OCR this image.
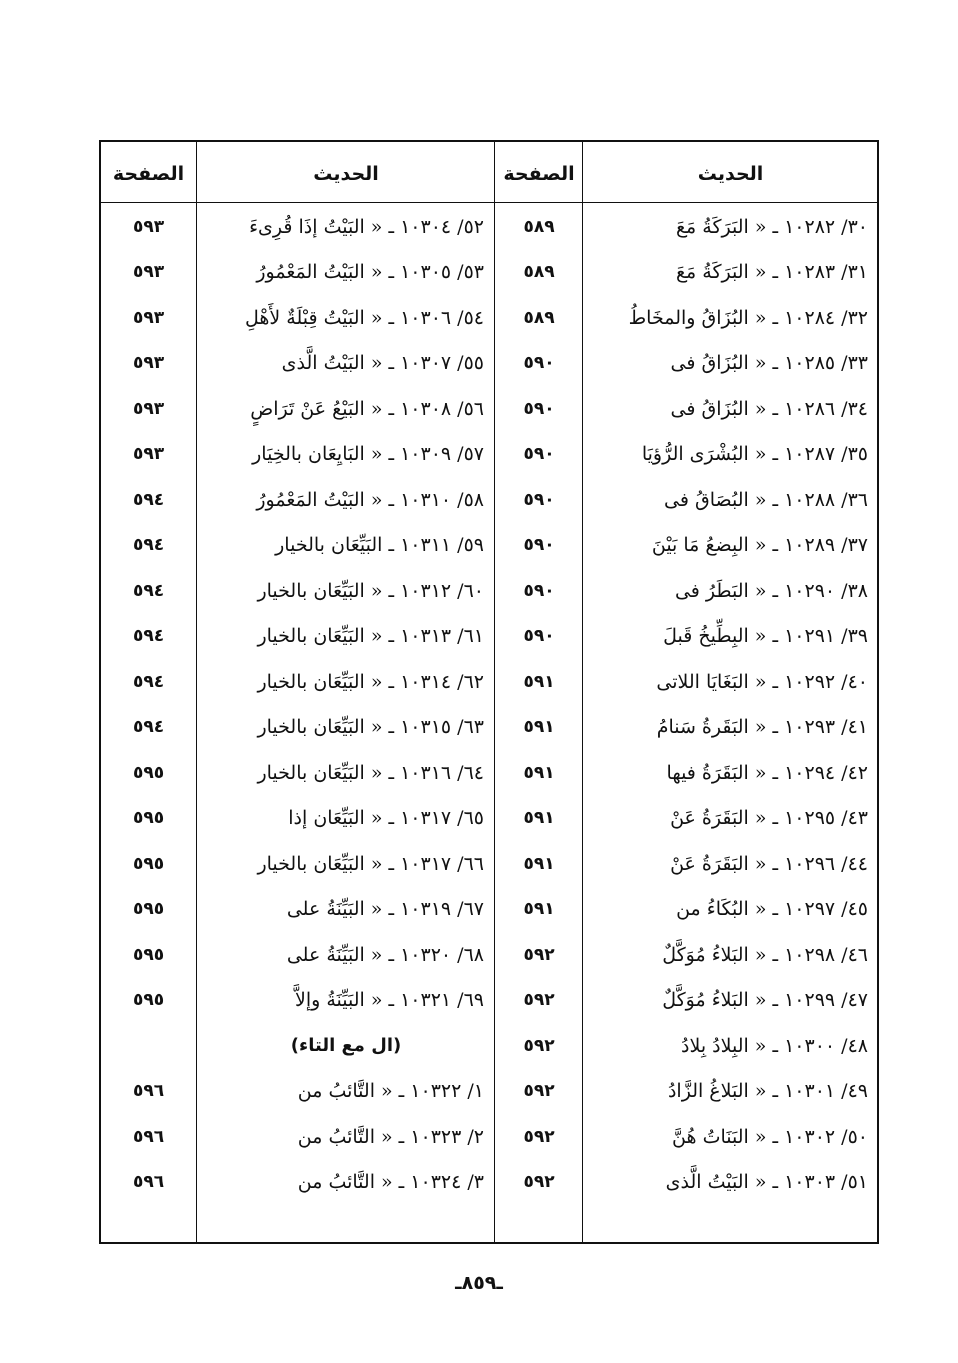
الحديث
الصفحة
الحديث
الصفحة
٣٠/ ١٠٢٨٢ ـ « البَرَكَةُ مَعَ
٥٨٩
٥٢/ ١٠٣٠٤ ـ « البَيْتُ إذَا قُرِىءَ
٥٩٣
٣١/ ١٠٢٨٣ ـ « البَرَكَةُ مَعَ
٥٨٩
٥٣/ ١٠٣٠٥ ـ « البَيْتُ المَعْمُورُ
٥٩٣
٣٢/ ١٠٢٨٤ ـ « البُزَاقُ والمخَاطُ
٥٨٩
٥٤/ ١٠٣٠٦ ـ « البَيْتُ قِبْلَةٌ لأَهْلِ
٥٩٣
٣٣/ ١٠٢٨٥ ـ « البُزَاقُ فى
٥٩٠
٥٥/ ١٠٣٠٧ ـ « البَيْتُ الَّذى
٥٩٣
٣٤/ ١٠٢٨٦ ـ « البُزَاقُ فى
٥٩٠
٥٦/ ١٠٣٠٨ ـ « البَيْعُ عَنْ تَرَاضٍ
٥٩٣
٣٥/ ١٠٢٨٧ ـ « البُشْرَى الرُّؤيَا
٥٩٠
٥٧/ ١٠٣٠٩ ـ « البَايِعَان بالخِيَار
٥٩٣
٣٦/ ١٠٢٨٨ ـ « البُصَاقُ فى
٥٩٠
٥٨/ ١٠٣١٠ ـ « البَيْتُ المَعْمُورُ
٥٩٤
٣٧/ ١٠٢٨٩ ـ « البِضعُ مَا بَيْنَ
٥٩٠
٥٩/ ١٠٣١١ ـ البَيِّعَان بالخيار
٥٩٤
٣٨/ ١٠٢٩٠ ـ « البَطَرُ فى
٥٩٠
٦٠/ ١٠٣١٢ ـ « البَيِّعَان بالخيار
٥٩٤
٣٩/ ١٠٢٩١ ـ « البِطِّيخُ قَبلَ
٥٩٠
٦١/ ١٠٣١٣ ـ « البَيِّعَان بالخيار
٥٩٤
٤٠/ ١٠٢٩٢ ـ « البَغَايَا اللاتى
٥٩١
٦٢/ ١٠٣١٤ ـ « البَيِّعَان بالخيار
٥٩٤
٤١/ ١٠٢٩٣ ـ « البَقَرةُ سَنامُ
٥٩١
٦٣/ ١٠٣١٥ ـ « البَيِّعَان بالخيار
٥٩٤
٤٢/ ١٠٢٩٤ ـ « البَقَرَةُ فيها
٥٩١
٦٤/ ١٠٣١٦ ـ « البَيِّعَان بالخيار
٥٩٥
٤٣/ ١٠٢٩٥ ـ « البَقَرَةُ عَنْ
٥٩١
٦٥/ ١٠٣١٧ ـ « البَيِّعَان إذا
٥٩٥
٤٤/ ١٠٢٩٦ ـ « البَقَرَةُ عَنْ
٥٩١
٦٦/ ١٠٣١٧ ـ « البَيِّعَان بالخيار
٥٩٥
٤٥/ ١٠٢٩٧ ـ « البُكَاءُ من
٥٩١
٦٧/ ١٠٣١٩ ـ « البَيِّنَةُ على
٥٩٥
٤٦/ ١٠٢٩٨ ـ « البَلاءُ مُوَكَّلٌ
٥٩٢
٦٨/ ١٠٣٢٠ ـ « البَيِّنَةُ على
٥٩٥
٤٧/ ١٠٢٩٩ ـ « البَلاءُ مُوَكَّلٌ
٥٩٢
٦٩/ ١٠٣٢١ ـ « البَيِّنَةُ وإلاَّ
٥٩٥
٤٨/ ١٠٣٠٠ ـ « البِلادُ بِلادُ
٥٩٢
(ال مع التاء)
٤٩/ ١٠٣٠١ ـ « البَلاغُ الزَّادُ
٥٩٢
١/ ١٠٣٢٢ ـ « التَّائبُ من
٥٩٦
٥٠/ ١٠٣٠٢ ـ « البَنَاتُ هُنَّ
٥٩٢
٢/ ١٠٣٢٣ ـ « التَّائبُ من
٥٩٦
٥١/ ١٠٣٠٣ ـ « البَيْتُ الَّذى
٥٩٢
٣/ ١٠٣٢٤ ـ « التَّائبُ من
٥٩٦
ـ٨٥٩ـ
